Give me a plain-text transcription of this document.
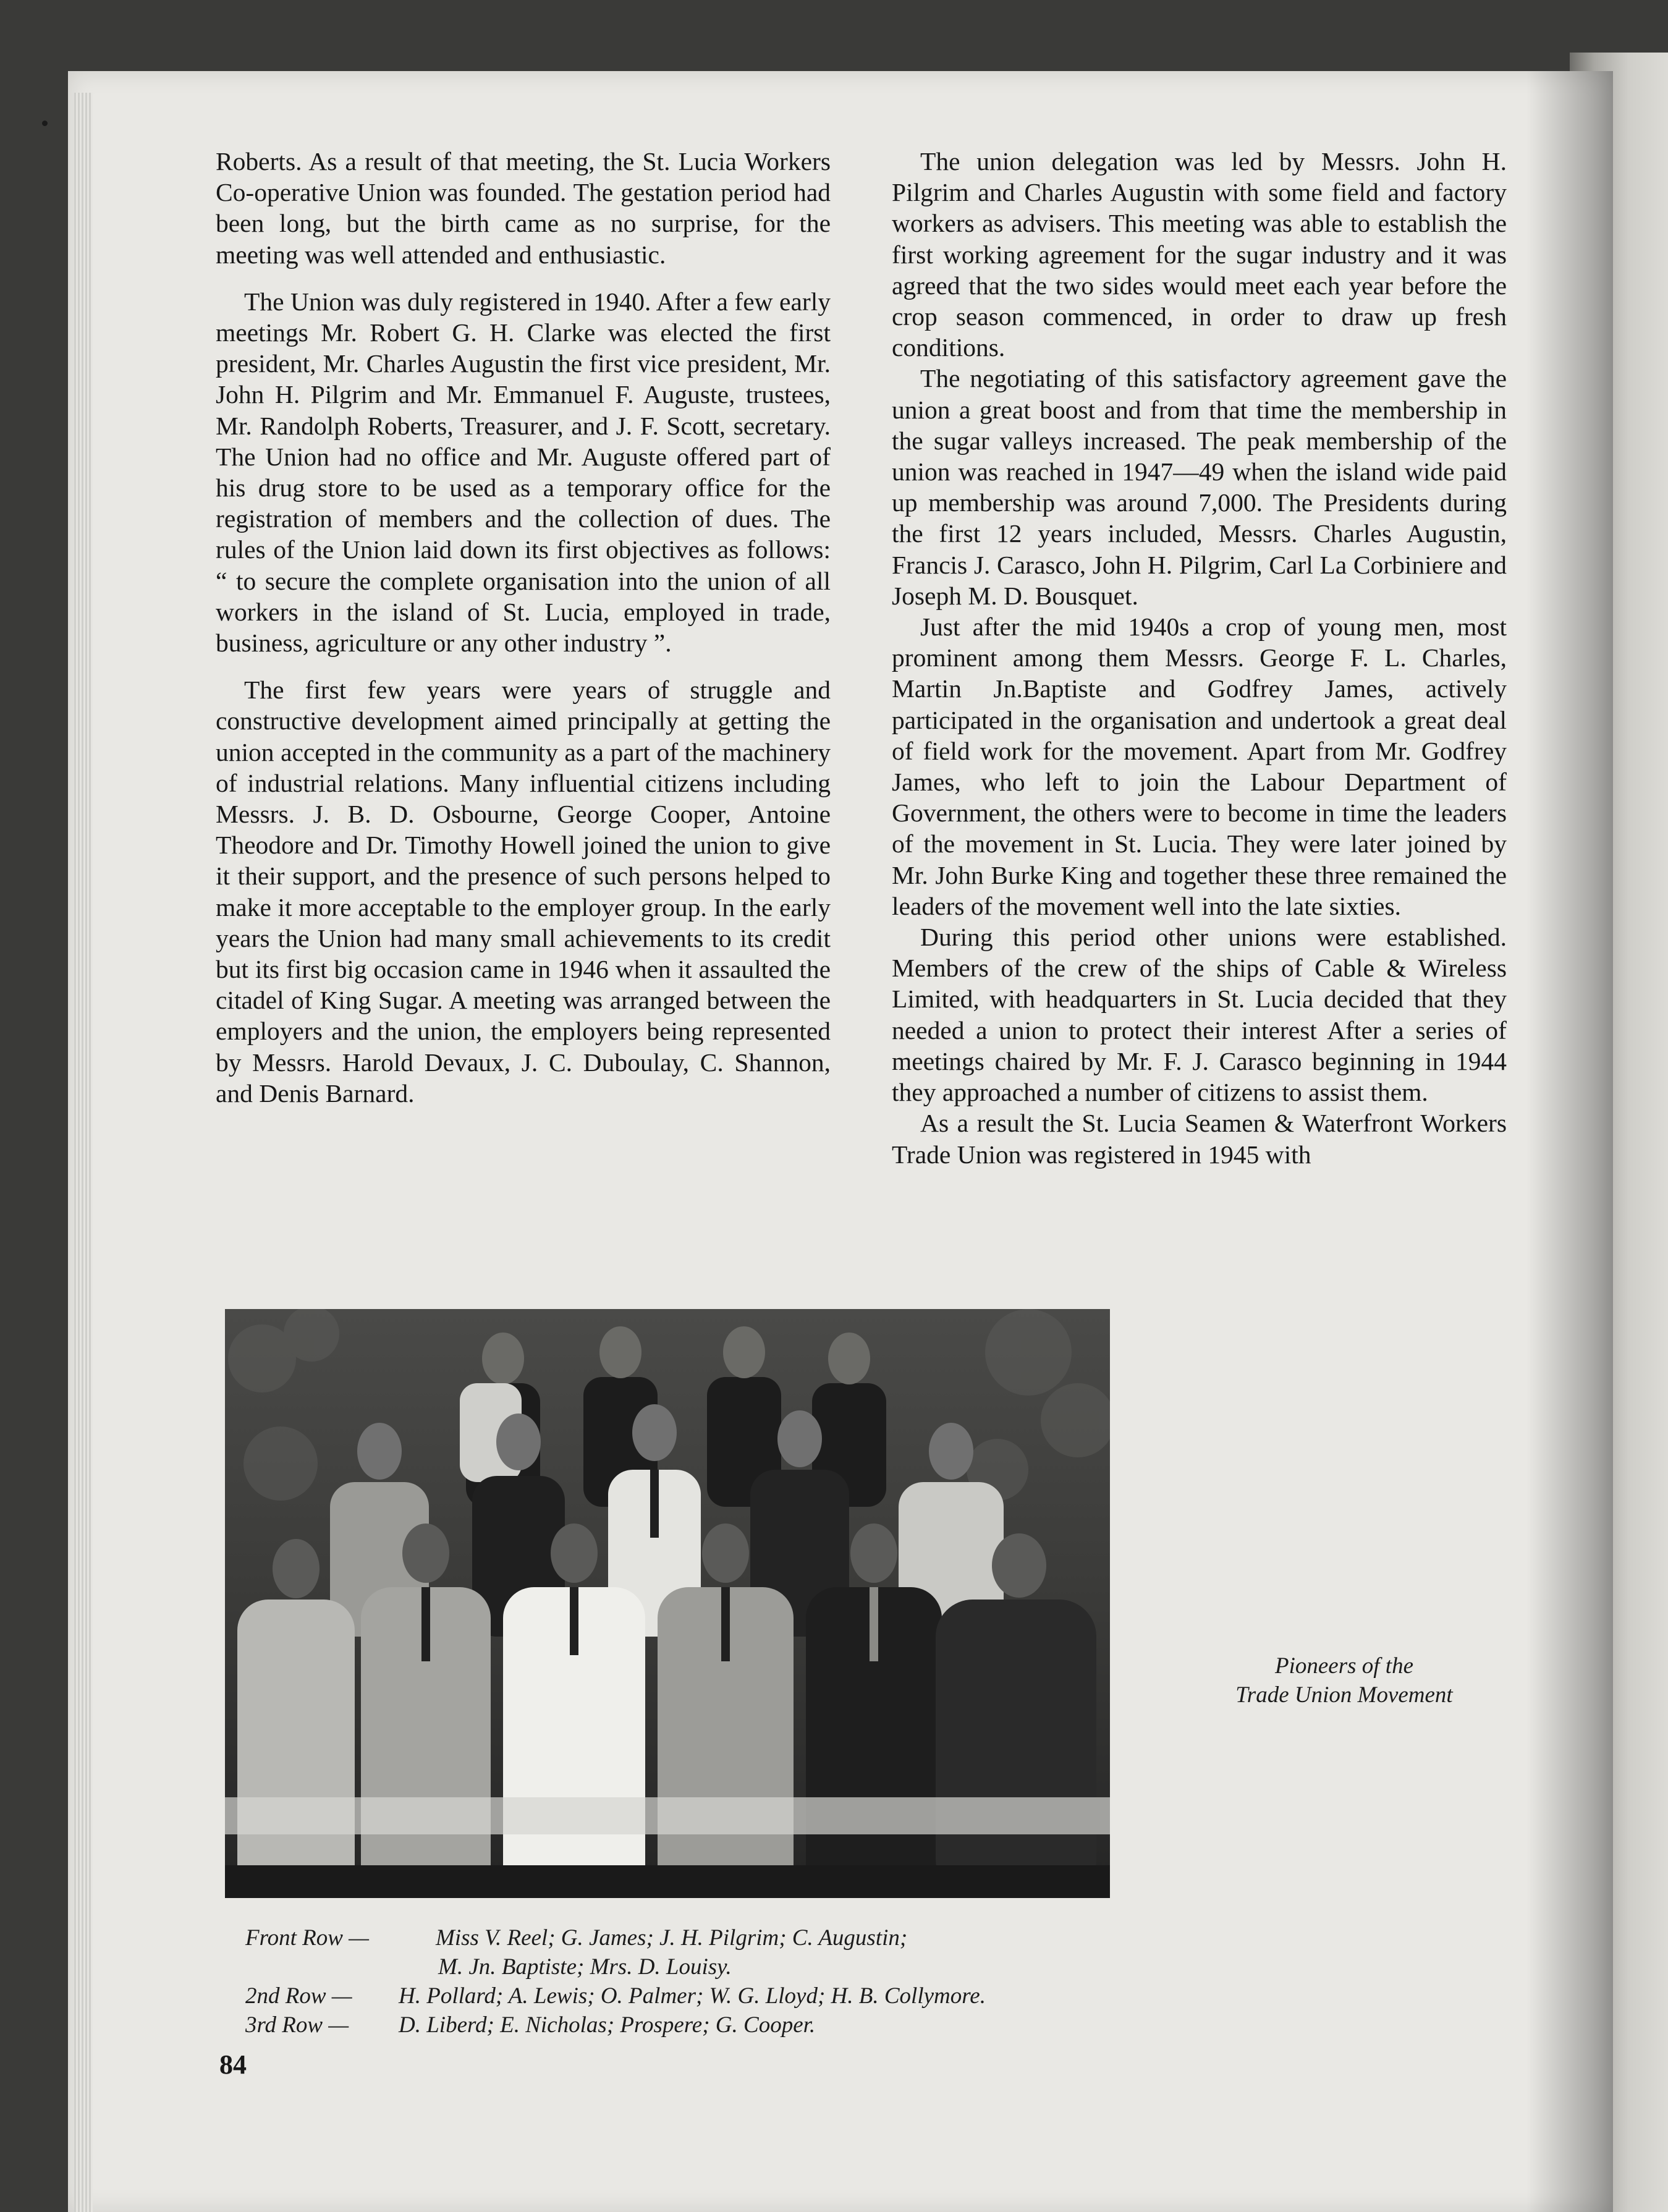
Roberts. As a result of that meeting, the St. Lucia Workers Co-operative Union was founded. The gestation period had been long, but the birth came as no surprise, for the meeting was well attended and enthusiastic.

The Union was duly registered in 1940. After a few early meetings Mr. Robert G. H. Clarke was elected the first president, Mr. Charles Augustin the first vice president, Mr. John H. Pilgrim and Mr. Emmanuel F. Auguste, trustees, Mr. Randolph Roberts, Treasurer, and J. F. Scott, secretary. The Union had no office and Mr. Auguste offered part of his drug store to be used as a temporary office for the registration of members and the collection of dues. The rules of the Union laid down its first objectives as follows: “ to secure the complete organisation into the union of all workers in the island of St. Lucia, employed in trade, business, agriculture or any other industry ”.

The first few years were years of struggle and constructive development aimed principally at getting the union accepted in the community as a part of the machinery of industrial relations. Many influential citizens including Messrs. J. B. D. Osbourne, George Cooper, Antoine Theodore and Dr. Timothy Howell joined the union to give it their support, and the presence of such persons helped to make it more acceptable to the employer group. In the early years the Union had many small achievements to its credit but its first big occasion came in 1946 when it assaulted the citadel of King Sugar. A meeting was arranged between the employers and the union, the employers being represented by Messrs. Harold Devaux, J. C. Duboulay, C. Shannon, and Denis Barnard.

The union delegation was led by Messrs. John H. Pilgrim and Charles Augustin with some field and factory workers as advisers. This meeting was able to establish the first working agreement for the sugar industry and it was agreed that the two sides would meet each year before the crop season commenced, in order to draw up fresh conditions.

The negotiating of this satisfactory agreement gave the union a great boost and from that time the membership in the sugar valleys increased. The peak membership of the union was reached in 1947—49 when the island wide paid up membership was around 7,000. The Presidents during the first 12 years included, Messrs. Charles Augustin, Francis J. Carasco, John H. Pilgrim, Carl La Corbiniere and Joseph M. D. Bousquet.

Just after the mid 1940s a crop of young men, most prominent among them Messrs. George F. L. Charles, Martin Jn.Baptiste and Godfrey James, actively participated in the organisation and undertook a great deal of field work for the movement. Apart from Mr. Godfrey James, who left to join the Labour Department of Government, the others were to become in time the leaders of the movement in St. Lucia. They were later joined by Mr. John Burke King and together these three remained the leaders of the movement well into the late sixties.

During this period other unions were established. Members of the crew of the ships of Cable & Wireless Limited, with headquarters in St. Lucia decided that they needed a union to protect their interest After a series of meetings chaired by Mr. F. J. Carasco beginning in 1944 they approached a number of citizens to assist them.

As a result the St. Lucia Seamen & Waterfront Workers Trade Union was registered in 1945 with

Pioneers of the
Trade Union Movement
Front Row —	Miss V. Reel; G. James; J. H. Pilgrim; C. Augustin;
M. Jn. Baptiste; Mrs. D. Louisy.
2nd Row — H. Pollard; A. Lewis; O. Palmer; W. G. Lloyd; H. B. Collymore.
3rd Row — D. Liberd; E. Nicholas; Prospere; G. Cooper.
84
